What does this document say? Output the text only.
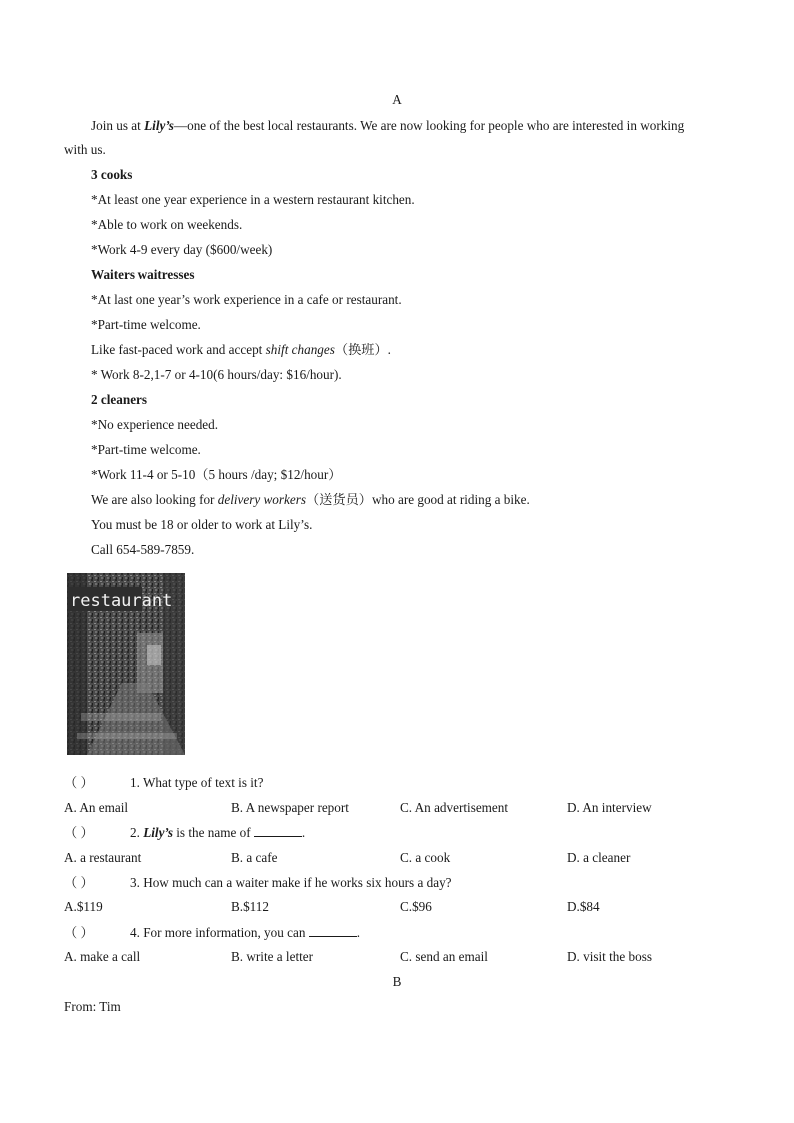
A
Join us at Lily’s—one of the best local restaurants. We are now looking for people who are interested in working
with us.
3 cooks
*At least one year experience in a western restaurant kitchen.
*Able to work on weekends.
*Work 4-9 every day ($600/week)
Waiters waitresses
*At last one year’s work experience in a cafe or restaurant.
*Part-time welcome.
Like fast-paced work and accept shift changes（换班）.
* Work 8-2,1-7 or 4-10(6 hours/day: $16/hour).
2 cleaners
*No experience needed.
*Part-time welcome.
*Work 11-4 or 5-10（5 hours /day; $12/hour）
We are also looking for delivery workers（送货员）who are good at riding a bike.
You must be 18 or older to work at Lily’s.
Call 654-589-7859.
restaurant
（ ）	1. What type of text is it?
A. An email	B. A newspaper report	C. An advertisement	D. An interview
（ ）	2. Lily’s is the name of	.
A. a restaurant	B. a cafe	C. a cook	D. a cleaner
（ ）	3. How much can a waiter make if he works six hours a day?
A.$119	B.$112	C.$96	D.$84
（ ）	4. For more information, you can	.
A. make a call	B. write a letter	C. send an email	D. visit the boss
B
From: Tim
